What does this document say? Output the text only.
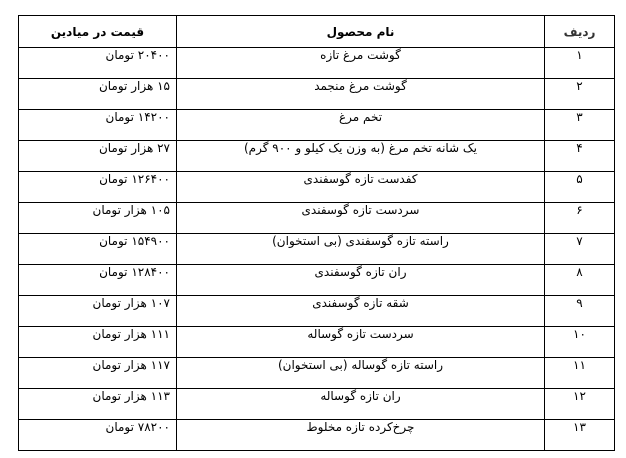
ردیف	نام محصول	قیمت در میادین
۱	گوشت مرغ تازه	۲۰۴۰۰ تومان
۲	گوشت مرغ منجمد	۱۵ هزار تومان
۳	تخم مرغ	۱۴۲۰۰ تومان
۴	یک شانه تخم مرغ (به وزن یک کیلو و ۹۰۰ گرم)	۲۷ هزار تومان
۵	کفدست تازه گوسفندی	۱۲۶۴۰۰ تومان
۶	سردست تازه گوسفندی	۱۰۵ هزار تومان
۷	راسته تازه گوسفندی (بی استخوان)	۱۵۴۹۰۰ تومان
۸	ران تازه گوسفندی	۱۲۸۴۰۰ تومان
۹	شقه تازه گوسفندی	۱۰۷ هزار تومان
۱۰	سردست تازه گوساله	۱۱۱ هزار تومان
۱۱	راسته تازه گوساله (بی استخوان)	۱۱۷ هزار تومان
۱۲	ران تازه گوساله	۱۱۳ هزار تومان
۱۳	چرخ‌کرده تازه مخلوط	۷۸۲۰۰ تومان
